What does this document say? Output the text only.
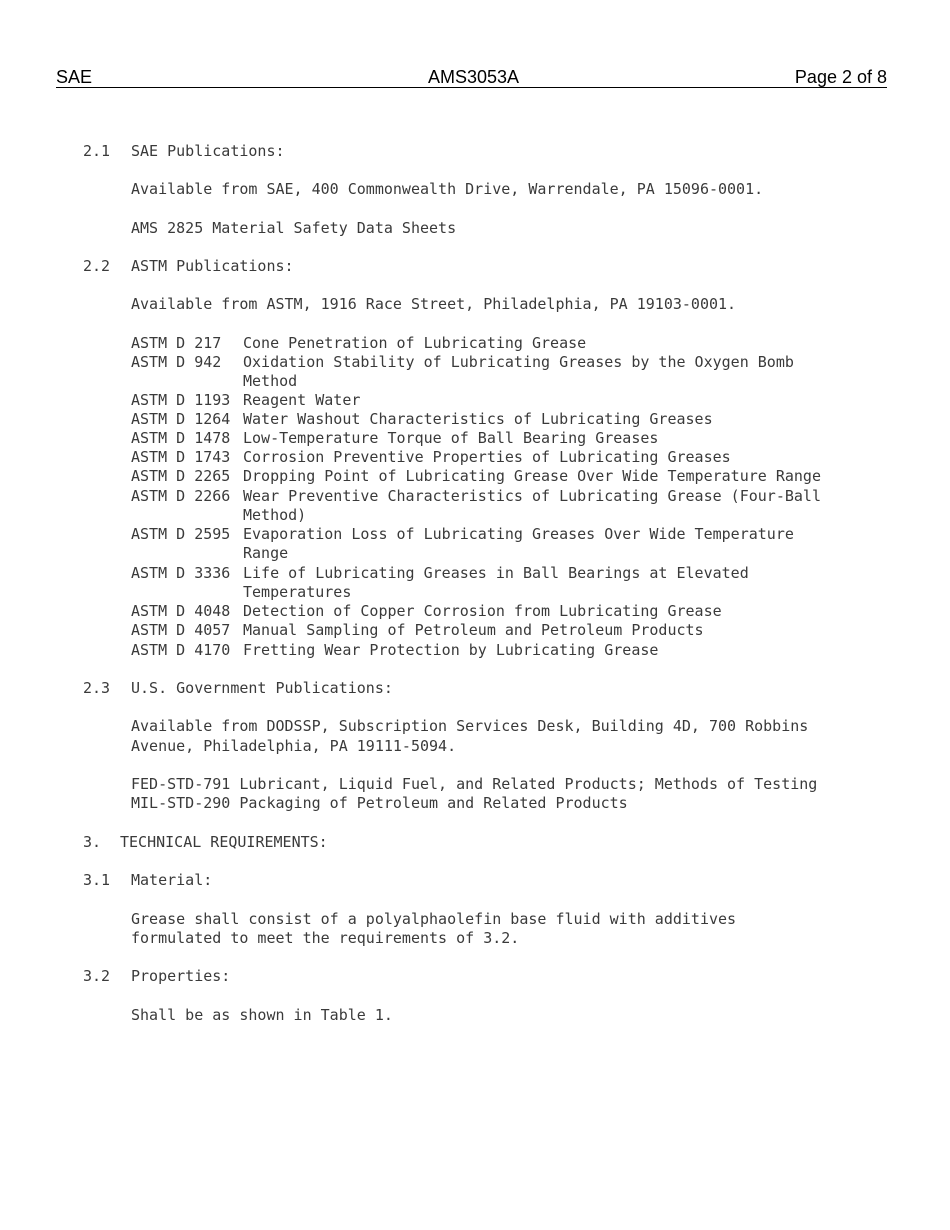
SAE	AMS3053A	Page 2 of 8
2.1 SAE Publications:
Available from SAE, 400 Commonwealth Drive, Warrendale, PA 15096-0001.
AMS 2825 Material Safety Data Sheets
2.2 ASTM Publications:
Available from ASTM, 1916 Race Street, Philadelphia, PA 19103-0001.
ASTM D 217 Cone Penetration of Lubricating Grease
ASTM D 942 Oxidation Stability of Lubricating Greases by the Oxygen Bomb
Method
ASTM D 1193 Reagent Water
ASTM D 1264 Water Washout Characteristics of Lubricating Greases
ASTM D 1478 Low-Temperature Torque of Ball Bearing Greases
ASTM D 1743 Corrosion Preventive Properties of Lubricating Greases
ASTM D 2265 Dropping Point of Lubricating Grease Over Wide Temperature Range
ASTM D 2266 Wear Preventive Characteristics of Lubricating Grease (Four-Ball
Method)
ASTM D 2595 Evaporation Loss of Lubricating Greases Over Wide Temperature
Range
ASTM D 3336 Life of Lubricating Greases in Ball Bearings at Elevated
Temperatures
ASTM D 4048 Detection of Copper Corrosion from Lubricating Grease
ASTM D 4057 Manual Sampling of Petroleum and Petroleum Products
ASTM D 4170 Fretting Wear Protection by Lubricating Grease
2.3 U.S. Government Publications:
Available from DODSSP, Subscription Services Desk, Building 4D, 700 Robbins
Avenue, Philadelphia, PA 19111-5094.
FED-STD-791 Lubricant, Liquid Fuel, and Related Products; Methods of Testing
MIL-STD-290 Packaging of Petroleum and Related Products
3. TECHNICAL REQUIREMENTS:
3.1 Material:
Grease shall consist of a polyalphaolefin base fluid with additives
formulated to meet the requirements of 3.2.
3.2 Properties:
Shall be as shown in Table 1.
